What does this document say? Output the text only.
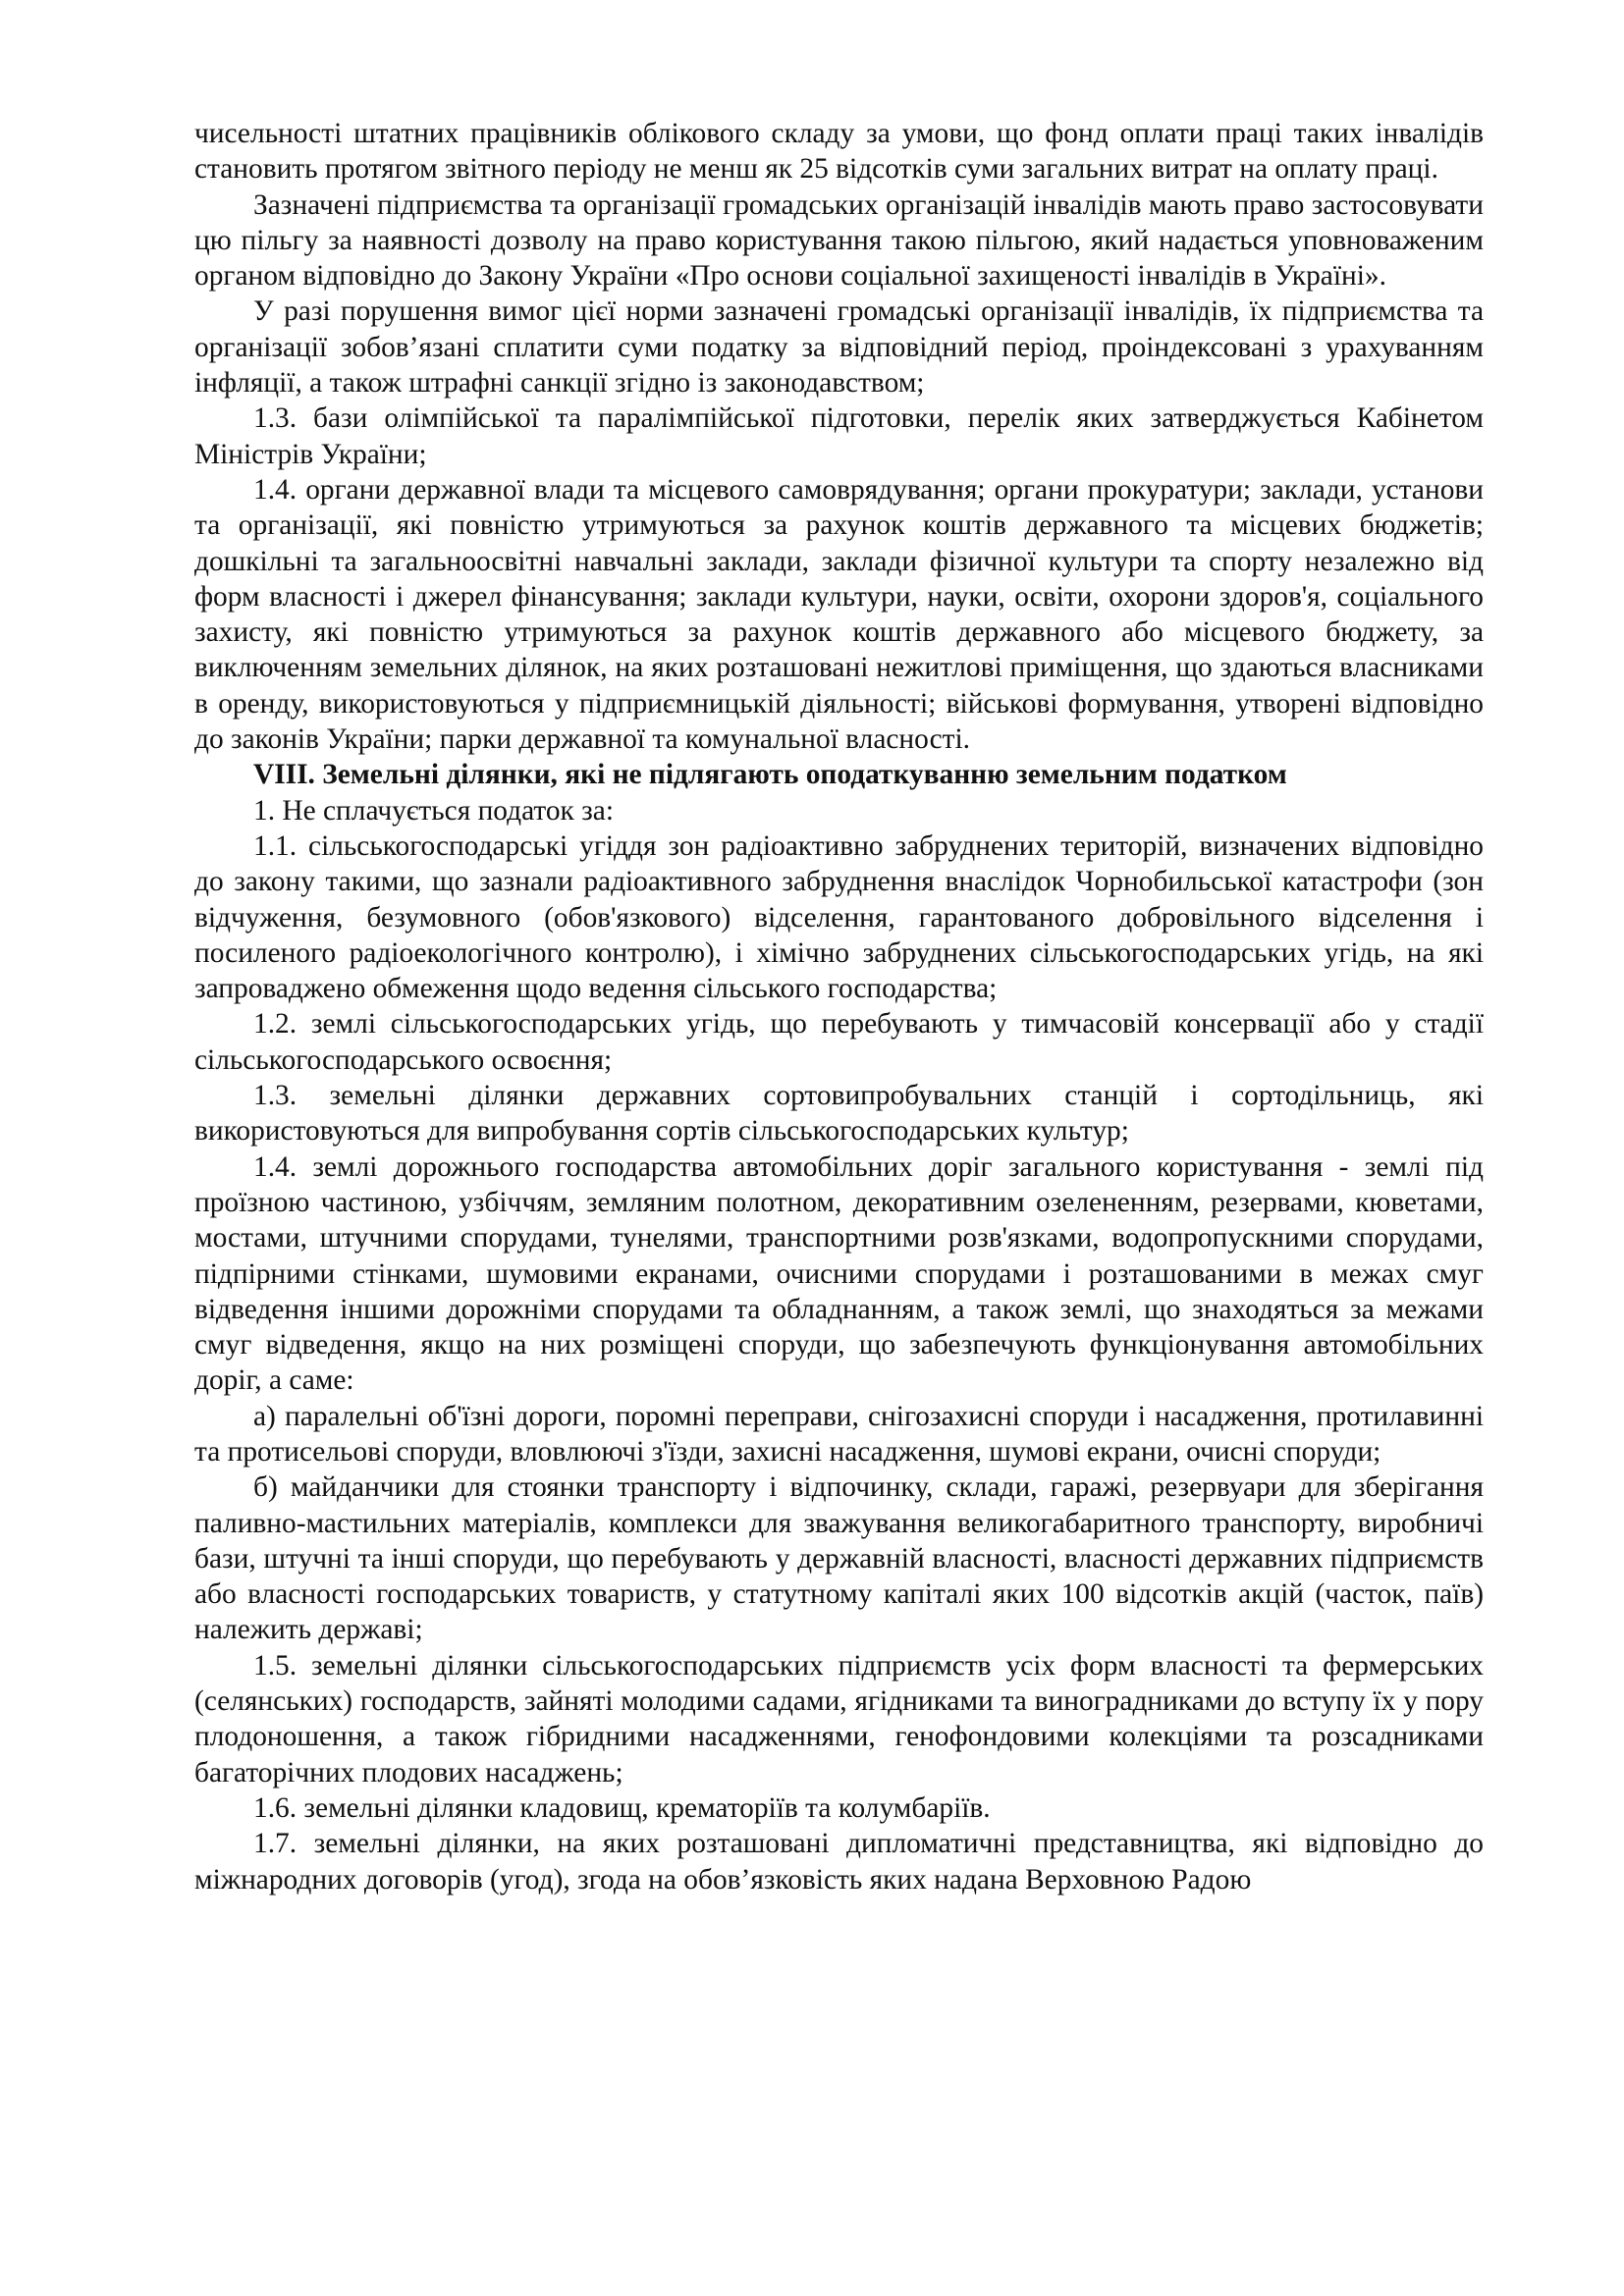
чисельності штатних працівників облікового складу за умови, що фонд оплати праці таких інвалідів становить протягом звітного періоду не менш як 25 відсотків суми загальних витрат на оплату праці.

Зазначені підприємства та організації громадських організацій інвалідів мають право застосовувати цю пільгу за наявності дозволу на право користування такою пільгою, який надається уповноваженим органом відповідно до Закону України «Про основи соціальної захищеності інвалідів в Україні».

У разі порушення вимог цієї норми зазначені громадські організації інвалідів, їх підприємства та організації зобов’язані сплатити суми податку за відповідний період, проіндексовані з урахуванням інфляції, а також штрафні санкції згідно із законодавством;

1.3. бази олімпійської та паралімпійської підготовки, перелік яких затверджується Кабінетом Міністрів України;

1.4. органи державної влади та місцевого самоврядування; органи прокуратури; заклади, установи та організації, які повністю утримуються за рахунок коштів державного та місцевих бюджетів; дошкільні та загальноосвітні навчальні заклади, заклади фізичної культури та спорту незалежно від форм власності і джерел фінансування; заклади культури, науки, освіти, охорони здоров'я, соціального захисту, які повністю утримуються за рахунок коштів державного або місцевого бюджету, за виключенням земельних ділянок, на яких розташовані нежитлові приміщення, що здаються власниками в оренду, використовуються у підприємницькій діяльності; військові формування, утворені відповідно до законів України; парки державної та комунальної власності.

VIII. Земельні ділянки, які не підлягають оподаткуванню земельним податком

1. Не сплачується податок за:

1.1. сільськогосподарські угіддя зон радіоактивно забруднених територій, визначених відповідно до закону такими, що зазнали радіоактивного забруднення внаслідок Чорнобильської катастрофи (зон відчуження, безумовного (обов'язкового) відселення, гарантованого добровільного відселення і посиленого радіоекологічного контролю), і хімічно забруднених сільськогосподарських угідь, на які запроваджено обмеження щодо ведення сільського господарства;

1.2. землі сільськогосподарських угідь, що перебувають у тимчасовій консервації або у стадії сільськогосподарського освоєння;

1.3. земельні ділянки державних сортовипробувальних станцій і сортодільниць, які використовуються для випробування сортів сільськогосподарських культур;

1.4. землі дорожнього господарства автомобільних доріг загального користування - землі під проїзною частиною, узбіччям, земляним полотном, декоративним озелененням, резервами, кюветами, мостами, штучними спорудами, тунелями, транспортними розв'язками, водопропускними спорудами, підпірними стінками, шумовими екранами, очисними спорудами і розташованими в межах смуг відведення іншими дорожніми спорудами та обладнанням, а також землі, що знаходяться за межами смуг відведення, якщо на них розміщені споруди, що забезпечують функціонування автомобільних доріг, а саме:

а) паралельні об'їзні дороги, поромні переправи, снігозахисні споруди і насадження, протилавинні та протисельові споруди, вловлюючі з'їзди, захисні насадження, шумові екрани, очисні споруди;

б) майданчики для стоянки транспорту і відпочинку, склади, гаражі, резервуари для зберігання паливно-мастильних матеріалів, комплекси для зважування великогабаритного транспорту, виробничі бази, штучні та інші споруди, що перебувають у державній власності, власності державних підприємств або власності господарських товариств, у статутному капіталі яких 100 відсотків акцій (часток, паїв) належить державі;

1.5. земельні ділянки сільськогосподарських підприємств усіх форм власності та фермерських (селянських) господарств, зайняті молодими садами, ягідниками та виноградниками до вступу їх у пору плодоношення, а також гібридними насадженнями, генофондовими колекціями та розсадниками багаторічних плодових насаджень;

1.6. земельні ділянки кладовищ, крематоріїв та колумбаріїв.

1.7. земельні ділянки, на яких розташовані дипломатичні представництва, які відповідно до міжнародних договорів (угод), згода на обов’язковість яких надана Верховною Радою
